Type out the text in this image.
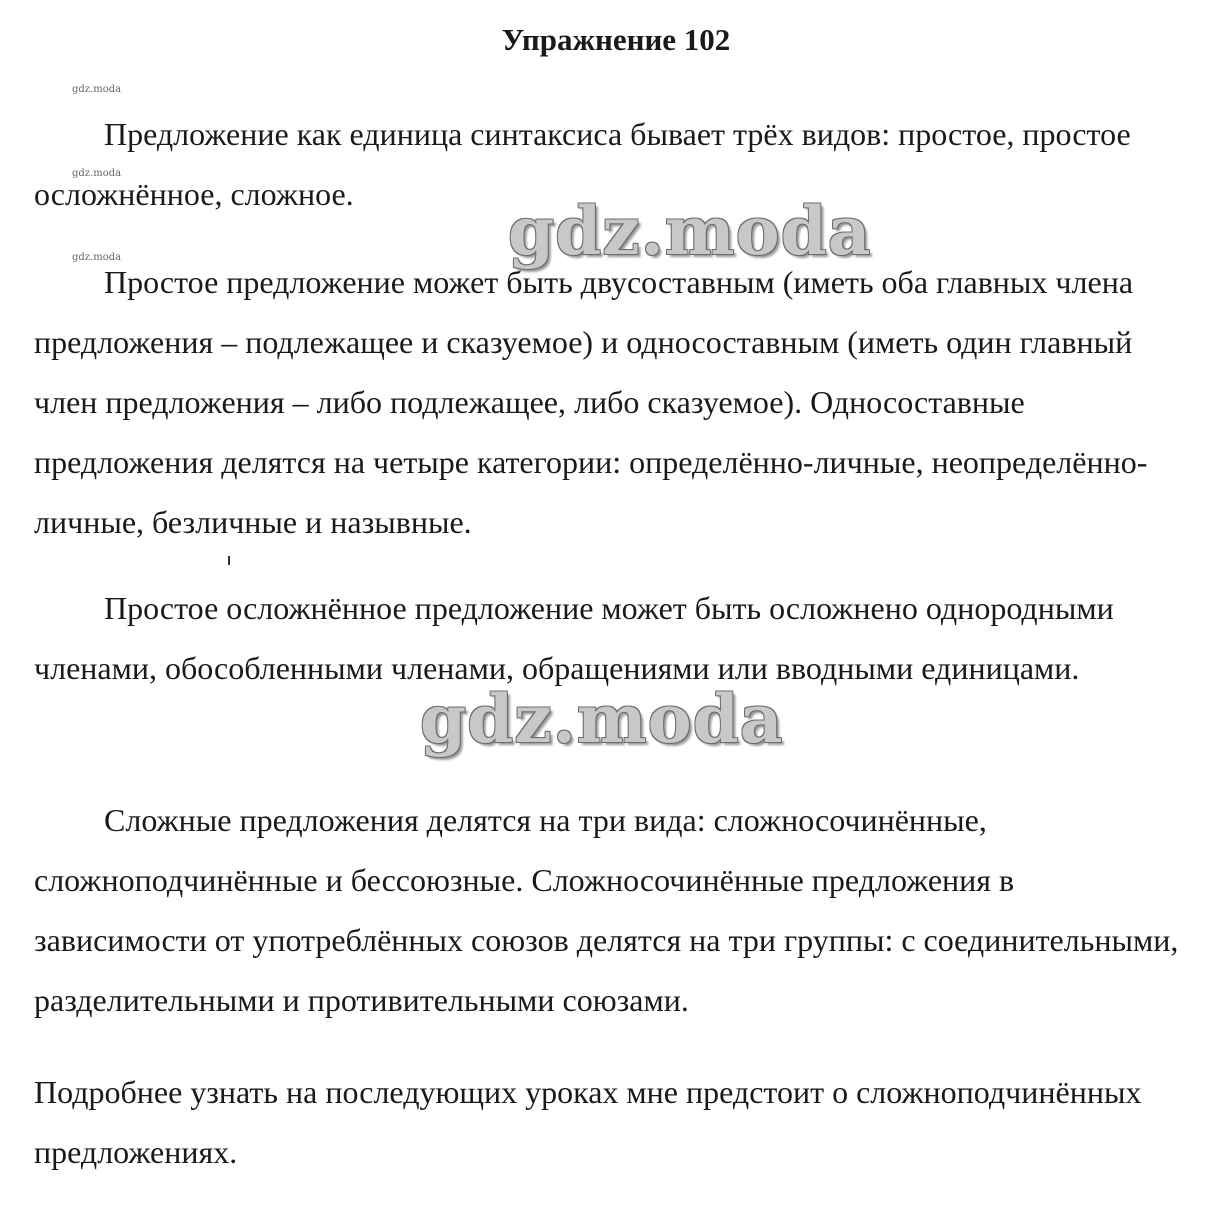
Упражнение 102
gdz.moda
gdz.moda
gdz.moda

Предложение как единица синтаксиса бывает трёх видов: простое, простое осложнённое, сложное.

Простое предложение может быть двусоставным (иметь оба главных члена предложения – подлежащее и сказуемое) и односоставным (иметь один главный член предложения – либо подлежащее, либо сказуемое). Односоставные предложения делятся на четыре категории: определённо-личные, неопределённо-личные, безличные и назывные.

Простое осложнённое предложение может быть осложнено однородными членами, обособленными членами, обращениями или вводными единицами.

Сложные предложения делятся на три вида: сложносочинённые, сложноподчинённые и бессоюзные. Сложносочинённые предложения в зависимости от употреблённых союзов делятся на три группы: с соединительными, разделительными и противительными союзами.

Подробнее узнать на последующих уроках мне предстоит о сложноподчинённых предложениях.

gdz.moda
gdz.moda
